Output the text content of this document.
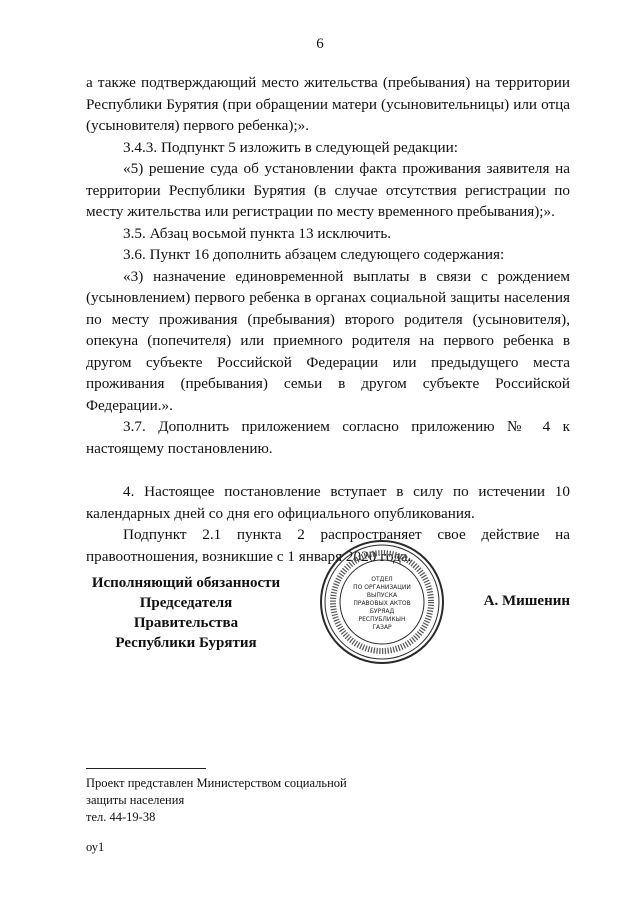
6

а также подтверждающий место жительства (пребывания) на территории Республики Бурятия (при обращении матери (усыновительницы) или отца (усыновителя) первого ребенка);».

3.4.3. Подпункт 5 изложить в следующей редакции:

«5) решение суда об установлении факта проживания заявителя на территории Республики Бурятия (в случае отсутствия регистрации по месту жительства или регистрации по месту временного пребывания);».

3.5. Абзац восьмой пункта 13 исключить.

3.6. Пункт 16 дополнить абзацем следующего содержания:

«3) назначение единовременной выплаты в связи с рождением (усыновлением) первого ребенка в органах социальной защиты населения по месту проживания (пребывания) второго родителя (усыновителя), опекуна (попечителя) или приемного родителя на первого ребенка в другом субъекте Российской Федерации или предыдущего места проживания (пребывания) семьи в другом субъекте Российской Федерации.».

3.7. Дополнить приложением согласно приложению № 4 к настоящему постановлению.

4. Настоящее постановление вступает в силу по истечении 10 календарных дней со дня его официального опубликования.

Подпункт 2.1 пункта 2 распространяет свое действие на правоотношения, возникшие с 1 января 2020 года.

Исполняющий обязанности
Председателя Правительства
Республики Бурятия
ОТДЕЛ
ПО ОРГАНИЗАЦИИ
ВЫПУСКА
ПРАВОВЫХ АКТОВ
БУРЯАД
РЕСПУБЛИКЫН
ГАЗАР
А. Мишенин
Проект представлен Министерством социальной
защиты населения
тел. 44-19-38
оу1
